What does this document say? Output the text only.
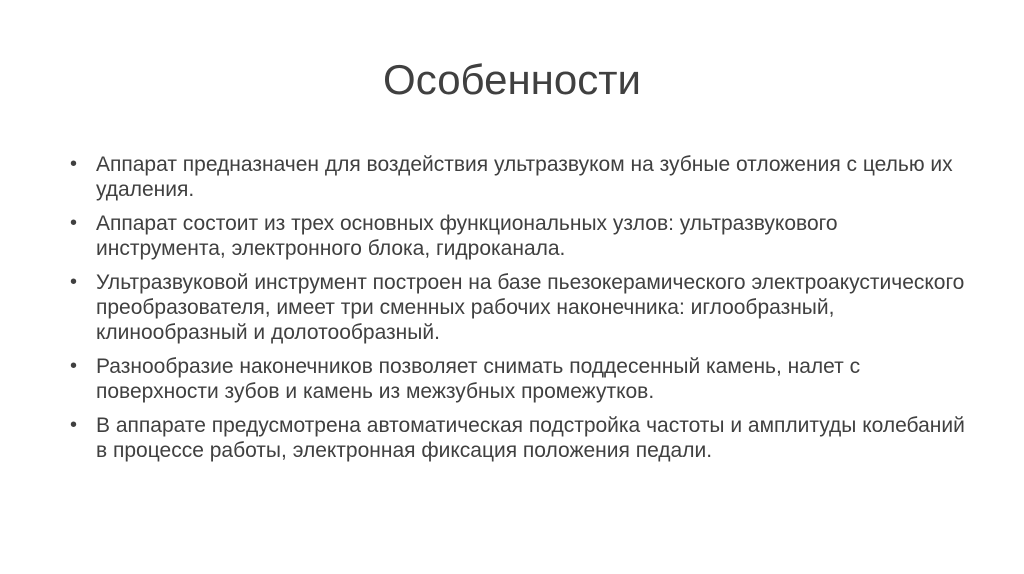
Особенности
• Аппарат предназначен для воздействия ультразвуком на зубные отложения с целью их удаления.
• Аппарат состоит из трех основных функциональных узлов: ультразвукового инструмента, электронного блока, гидроканала.
• Ультразвуковой инструмент построен на базе пьезокерамического электроакустического преобразователя, имеет три сменных рабочих наконечника: иглообразный, клинообразный и долотообразный.
• Разнообразие наконечников позволяет снимать поддесенный камень, налет с поверхности зубов и камень из межзубных промежутков.
• В аппарате предусмотрена автоматическая подстройка частоты и амплитуды колебаний в процессе работы, электронная фиксация положения педали.
